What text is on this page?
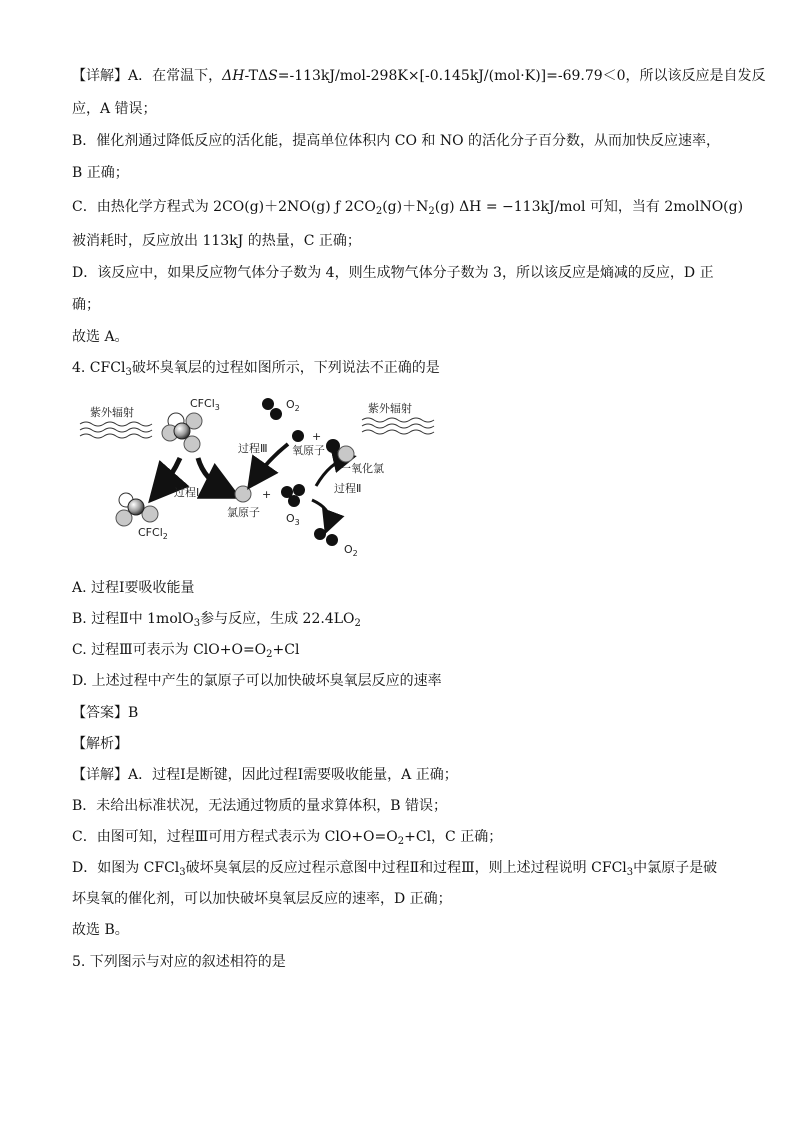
【详解】A．在常温下，ΔH-TΔS=-113kJ/mol-298K×[-0.145kJ/(mol·K)]=-69.79＜0，所以该反应是自发反
应，A 错误；
B．催化剂通过降低反应的活化能，提高单位体积内 CO 和 NO 的活化分子百分数，从而加快反应速率，
B 正确；
C．由热化学方程式为 2CO(g)＋2NO(g) ƒ $2CO_2(g)+N_2(g) \Delta H = -113kJ/mol$ 可知，当有 2molNO(g)
被消耗时，反应放出 113kJ 的热量，C 正确；
D．该反应中，如果反应物气体分子数为 4，则生成物气体分子数为 3，所以该反应是熵减的反应，D 正
确；
故选 A。
4. CFCl$_3$破坏臭氧层的过程如图所示，下列说法不正确的是
紫外辐射
CFCl$_3$
过程Ⅰ
CFCl$_2$
氯原子
+
$O_3$
$O_2$
过程Ⅱ
一氧化氯
+
氧原子
过程Ⅲ
$O_2$	紫外辐射
A. 过程Ⅰ要吸收能量
B. 过程Ⅱ中 1molO$_3$参与反应，生成 $22.4LO_2$
C. 过程Ⅲ可表示为 $ClO+O=O_2+Cl$
D. 上述过程中产生的氯原子可以加快破坏臭氧层反应的速率
【答案】B
【解析】
【详解】A．过程Ⅰ是断键，因此过程Ⅰ需要吸收能量，A 正确；
B．未给出标准状况，无法通过物质的量求算体积，B 错误；
C．由图可知，过程Ⅲ可用方程式表示为 $ClO+O=O_2+Cl$，C 正确；
D．如图为 CFCl$_3$破坏臭氧层的反应过程示意图中过程Ⅱ和过程Ⅲ，则上述过程说明 CFCl$_3$中氯原子是破
坏臭氧的催化剂，可以加快破坏臭氧层反应的速率，D 正确；
故选 B。
5. 下列图示与对应的叙述相符的是
